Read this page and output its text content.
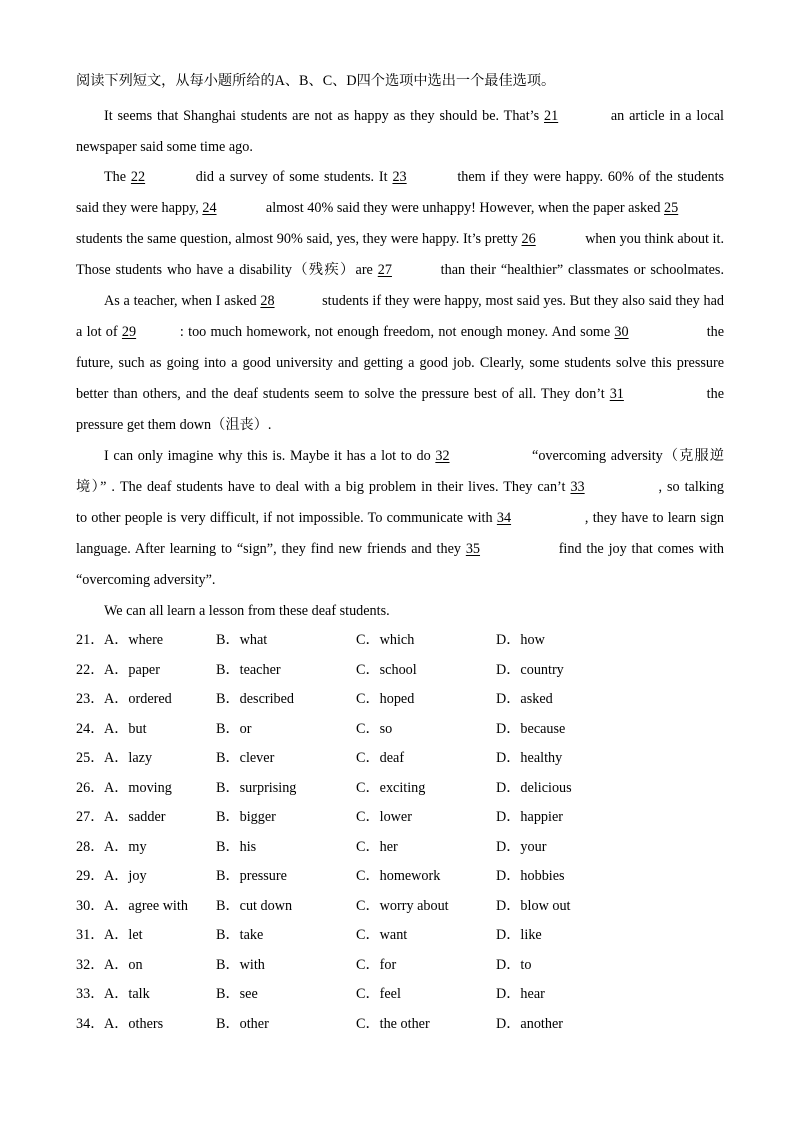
阅读下列短文，从每小题所给的A、B、C、D四个选项中选出一个最佳选项。
It seems that Shanghai students are not as happy as they should be. That’s 21	an article in a local
newspaper said some time ago.
The 22	did a survey of some students. It 23	them if they were happy. 60% of the students
said they were happy, 24	almost 40% said they were unhappy! However, when the paper asked 25
students the same question, almost 90% said, yes, they were happy. It’s pretty 26	when you think about it.
Those students who have a disability（残疾）are 27	than their “healthier” classmates or schoolmates.
As a teacher, when I asked 28	students if they were happy, most said yes. But they also said they had
a lot of 29	: too much homework, not enough freedom, not enough money. And some 30	the
future, such as going into a good university and getting a good job. Clearly, some students solve this pressure
better than others, and the deaf students seem to solve the pressure best of all. They don’t 31	the
pressure get them down（沮丧）.
I can only imagine why this is. Maybe it has a lot to do 32	“overcoming adversity（克服逆
境）” . The deaf students have to deal with a big problem in their lives. They can’t 33	, so talking
to other people is very difficult, if not impossible. To communicate with 34	, they have to learn sign
language. After learning to “sign”, they find new friends and they 35	find the joy that comes with
“overcoming adversity”.
We can all learn a lesson from these deaf students.
21． A．where	B．what	C．which	D．how
22． A．paper	B．teacher	C．school	D．country
23． A．ordered	B．described	C．hoped	D．asked
24． A．but	B．or	C．so	D．because
25． A．lazy	B．clever	C．deaf	D．healthy
26． A．moving	B．surprising	C．exciting	D．delicious
27． A．sadder	B．bigger	C．lower	D．happier
28． A．my	B．his	C．her	D．your
29． A．joy	B．pressure	C．homework	D．hobbies
30． A．agree with B．cut down	C．worry about	D．blow out
31． A．let	B．take	C．want	D．like
32． A．on	B．with	C．for	D．to
33． A．talk	B．see	C．feel	D．hear
34． A．others	B．other	C．the other	D．another
